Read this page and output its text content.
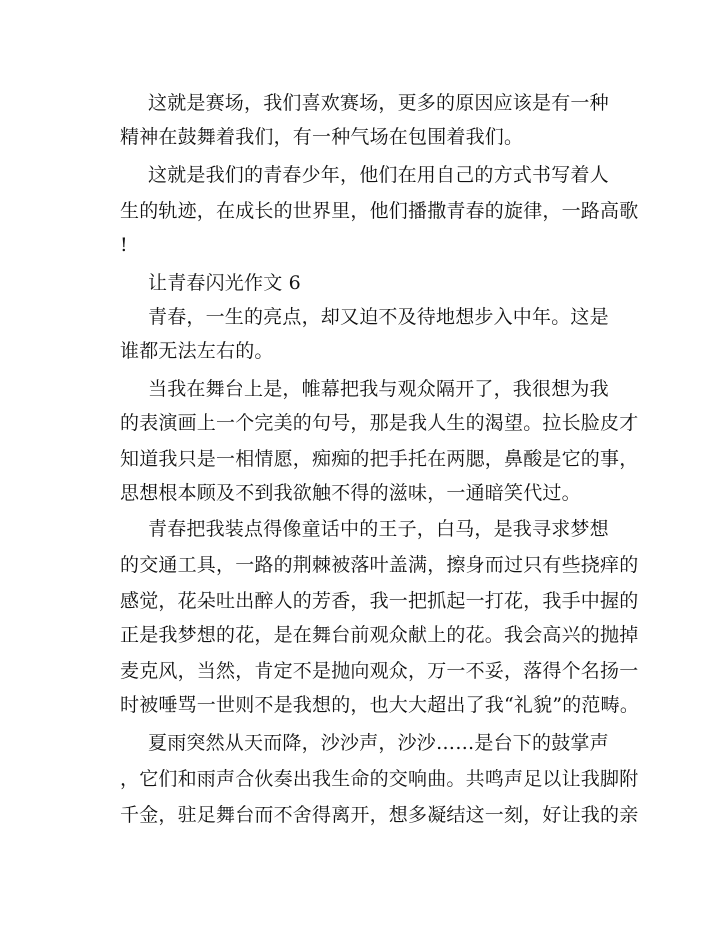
这就是赛场，我们喜欢赛场，更多的原因应该是有一种
精神在鼓舞着我们，有一种气场在包围着我们。
这就是我们的青春少年，他们在用自己的方式书写着人
生的轨迹，在成长的世界里，他们播撒青春的旋律，一路高歌
!
让青春闪光作文 6
青春，一生的亮点，却又迫不及待地想步入中年。这是
谁都无法左右的。
当我在舞台上是，帷幕把我与观众隔开了，我很想为我
的表演画上一个完美的句号，那是我人生的渴望。拉长脸皮才
知道我只是一相情愿，痴痴的把手托在两腮，鼻酸是它的事，
思想根本顾及不到我欲触不得的滋味，一通暗笑代过。
青春把我装点得像童话中的王子，白马，是我寻求梦想
的交通工具，一路的荆棘被落叶盖满，擦身而过只有些挠痒的
感觉，花朵吐出醉人的芳香，我一把抓起一打花，我手中握的
正是我梦想的花，是在舞台前观众献上的花。我会高兴的抛掉
麦克风，当然，肯定不是抛向观众，万一不妥，落得个名扬一
时被唾骂一世则不是我想的，也大大超出了我“礼貌”的范畴。
夏雨突然从天而降，沙沙声，沙沙……是台下的鼓掌声
，它们和雨声合伙奏出我生命的交响曲。共鸣声足以让我脚附
千金，驻足舞台而不舍得离开，想多凝结这一刻，好让我的亲
